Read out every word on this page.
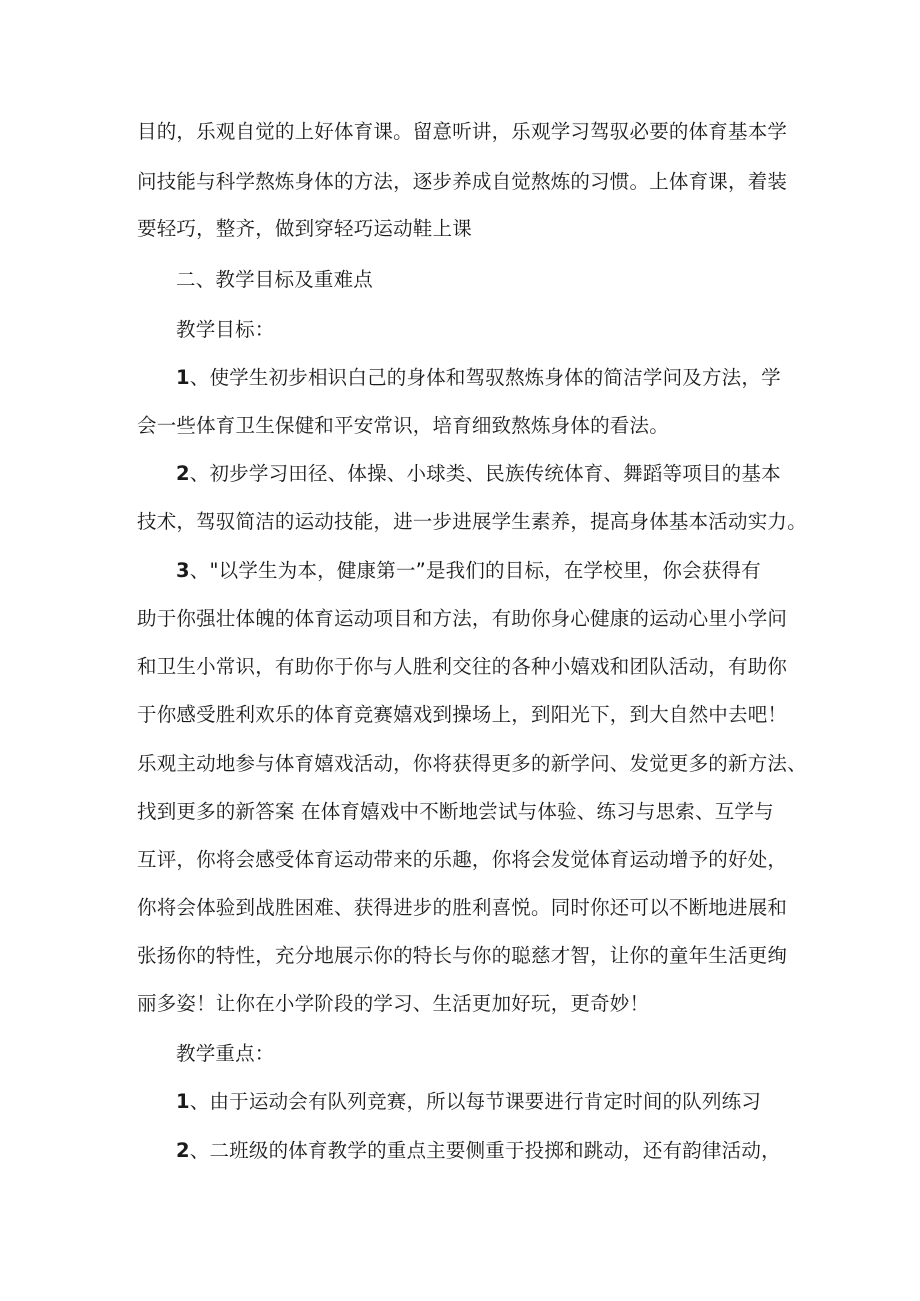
目的，乐观自觉的上好体育课。留意听讲，乐观学习驾驭必要的体育基本学
问技能与科学熬炼身体的方法，逐步养成自觉熬炼的习惯。上体育课，着装
要轻巧，整齐，做到穿轻巧运动鞋上课
二、教学目标及重难点
教学目标：
1、使学生初步相识白己的身体和驾驭熬炼身体的简洁学问及方法，学
会一些体育卫生保健和平安常识，培育细致熬炼身体的看法。
2、初步学习田径、体操、小球类、民族传统体育、舞蹈等项目的基本
技术，驾驭简洁的运动技能，进一步进展学生素养，提高身体基本活动实力。
3、"以学生为本，健康第一”是我们的目标，在学校里，你会获得有
助于你强壮体魄的体育运动项目和方法，有助你身心健康的运动心里小学问
和卫生小常识，有助你于你与人胜利交往的各种小嬉戏和团队活动，有助你
于你感受胜利欢乐的体育竞赛嬉戏到操场上，到阳光下，到大自然中去吧！
乐观主动地参与体育嬉戏活动，你将获得更多的新学问、发觉更多的新方法、
找到更多的新答案 在体育嬉戏中不断地尝试与体验、练习与思索、互学与
互评，你将会感受体育运动带来的乐趣，你将会发觉体育运动增予的好处，
你将会体验到战胜困难、获得进步的胜利喜悦。同时你还可以不断地进展和
张扬你的特性，充分地展示你的特长与你的聪慈才智，让你的童年生活更绚
丽多姿！让你在小学阶段的学习、生活更加好玩，更奇妙！
教学重点：
1、由于运动会有队列竞赛，所以每节课要进行肯定时间的队列练习
2、二班级的体育教学的重点主要侧重于投掷和跳动，还有韵律活动，
